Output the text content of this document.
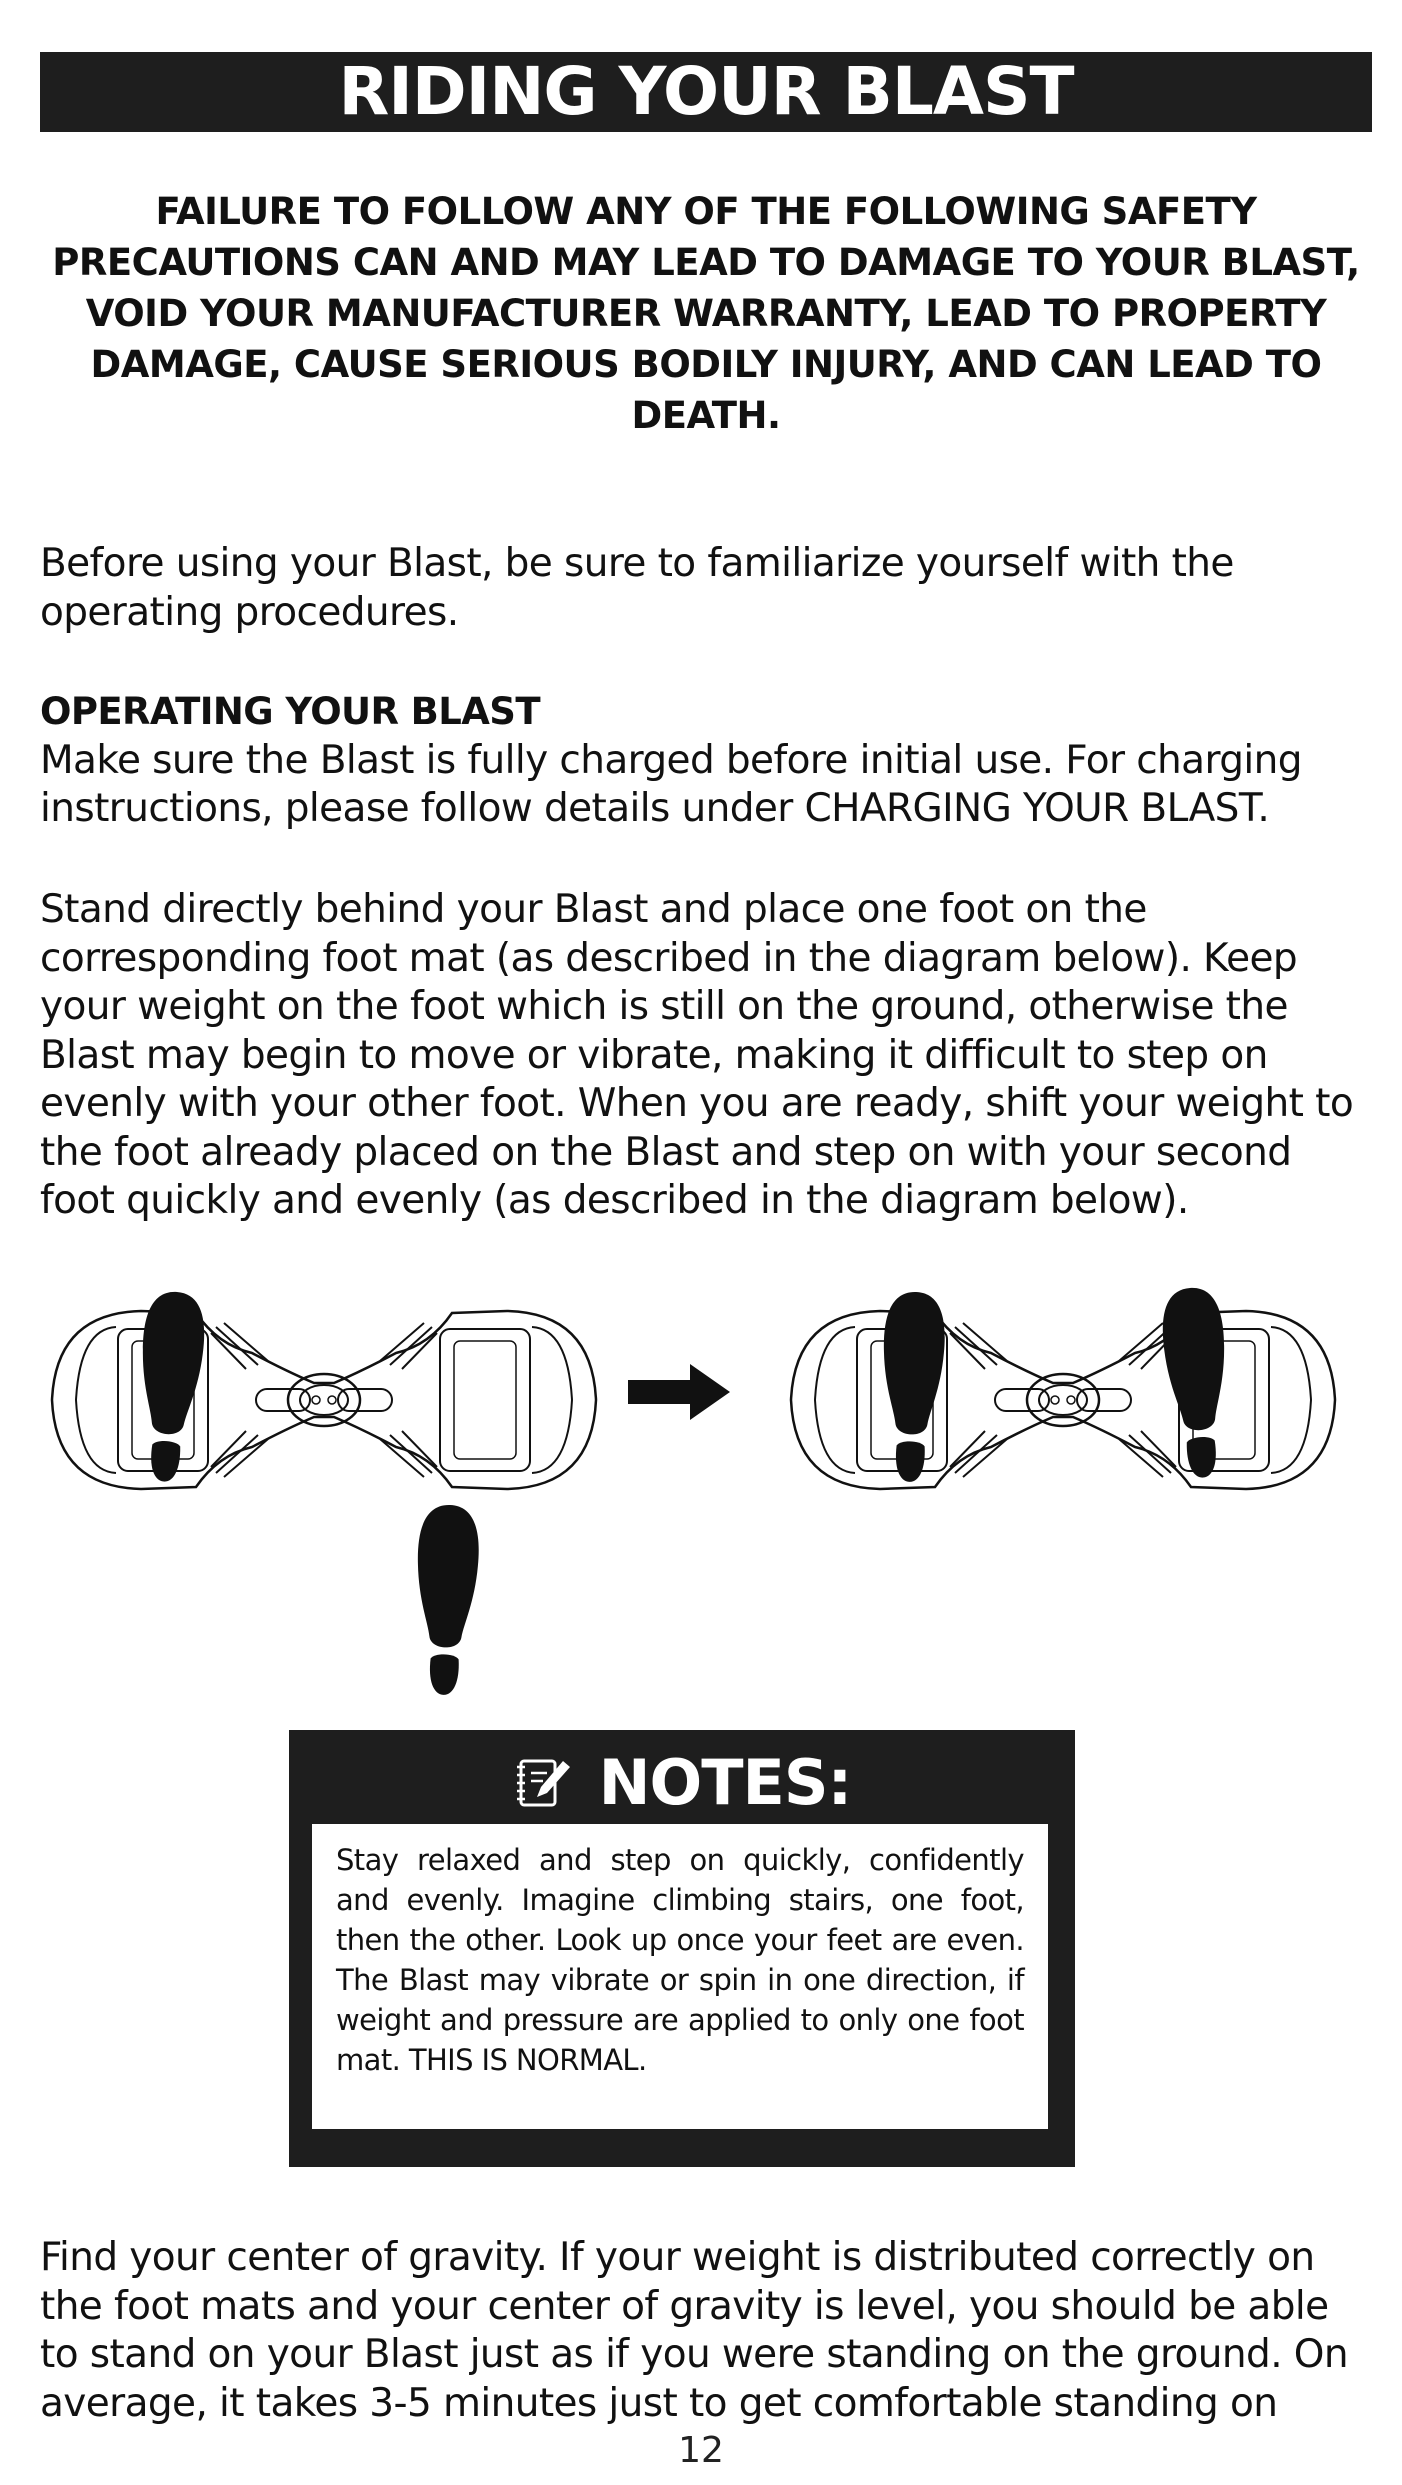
RIDING YOUR BLAST
FAILURE TO FOLLOW ANY OF THE FOLLOWING SAFETY PRECAUTIONS CAN AND MAY LEAD TO DAMAGE TO YOUR BLAST, VOID YOUR MANUFACTURER WARRANTY, LEAD TO PROPERTY DAMAGE, CAUSE SERIOUS BODILY INJURY, AND CAN LEAD TO DEATH.

Before using your Blast, be sure to familiarize yourself with the operating procedures.

OPERATING YOUR BLAST

Make sure the Blast is fully charged before initial use. For charging instructions, please follow details under CHARGING YOUR BLAST.

Stand directly behind your Blast and place one foot on the corresponding foot mat (as described in the diagram below). Keep your weight on the foot which is still on the ground, otherwise the Blast may begin to move or vibrate, making it difficult to step on evenly with your other foot. When you are ready, shift your weight to the foot already placed on the Blast and step on with your second foot quickly and evenly (as described in the diagram below).

NOTES:
Stay relaxed and step on quickly, confidently and evenly. Imagine climbing stairs, one foot, then the other. Look up once your feet are even. The Blast may vibrate or spin in one direction, if weight and pressure are applied to only one foot mat. THIS IS NORMAL.

Find your center of gravity. If your weight is distributed correctly on the foot mats and your center of gravity is level, you should be able to stand on your Blast just as if you were standing on the ground. On average, it takes 3-5 minutes just to get comfortable standing on

12
